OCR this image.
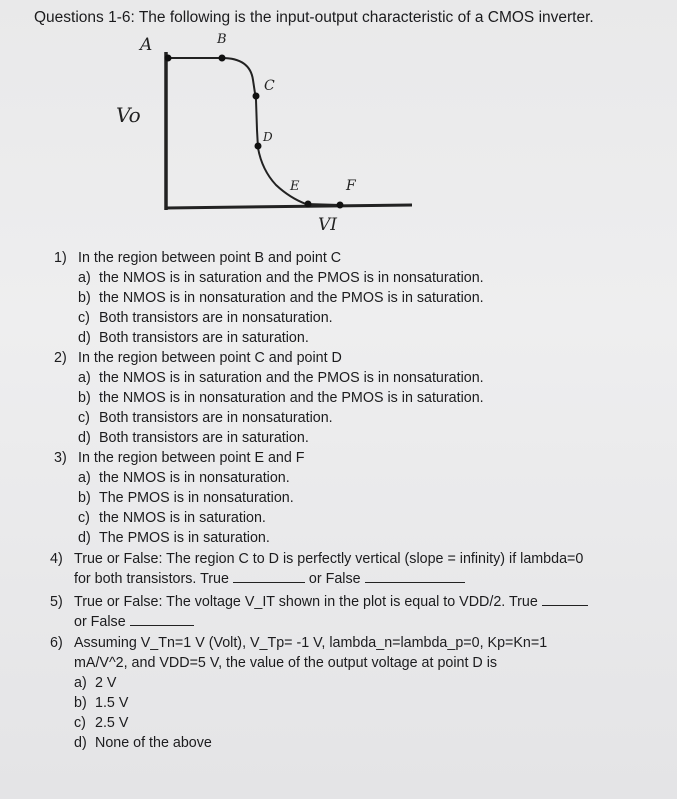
Questions 1-6: The following is the input-output characteristic of a CMOS inverter.
A	B
C
D
E	F
Vo
VI
1) In the region between point B and point C
a) the NMOS is in saturation and the PMOS is in nonsaturation.
b) the NMOS is in nonsaturation and the PMOS is in saturation.
c) Both transistors are in nonsaturation.
d) Both transistors are in saturation.
2) In the region between point C and point D
a) the NMOS is in saturation and the PMOS is in nonsaturation.
b) the NMOS is in nonsaturation and the PMOS is in saturation.
c) Both transistors are in nonsaturation.
d) Both transistors are in saturation.
3) In the region between point E and F
a) the NMOS is in nonsaturation.
b) The PMOS is in nonsaturation.
c) the NMOS is in saturation.
d) The PMOS is in saturation.
4) True or False: The region C to D is perfectly vertical (slope = infinity) if lambda=0
for both transistors. True	or False
5) True or False: The voltage V_IT shown in the plot is equal to VDD/2. True
or False
6) Assuming V_Tn=1 V (Volt), V_Tp= -1 V, lambda_n=lambda_p=0, Kp=Kn=1
mA/V^2, and VDD=5 V, the value of the output voltage at point D is
a) 2 V
b) 1.5 V
c) 2.5 V
d) None of the above
